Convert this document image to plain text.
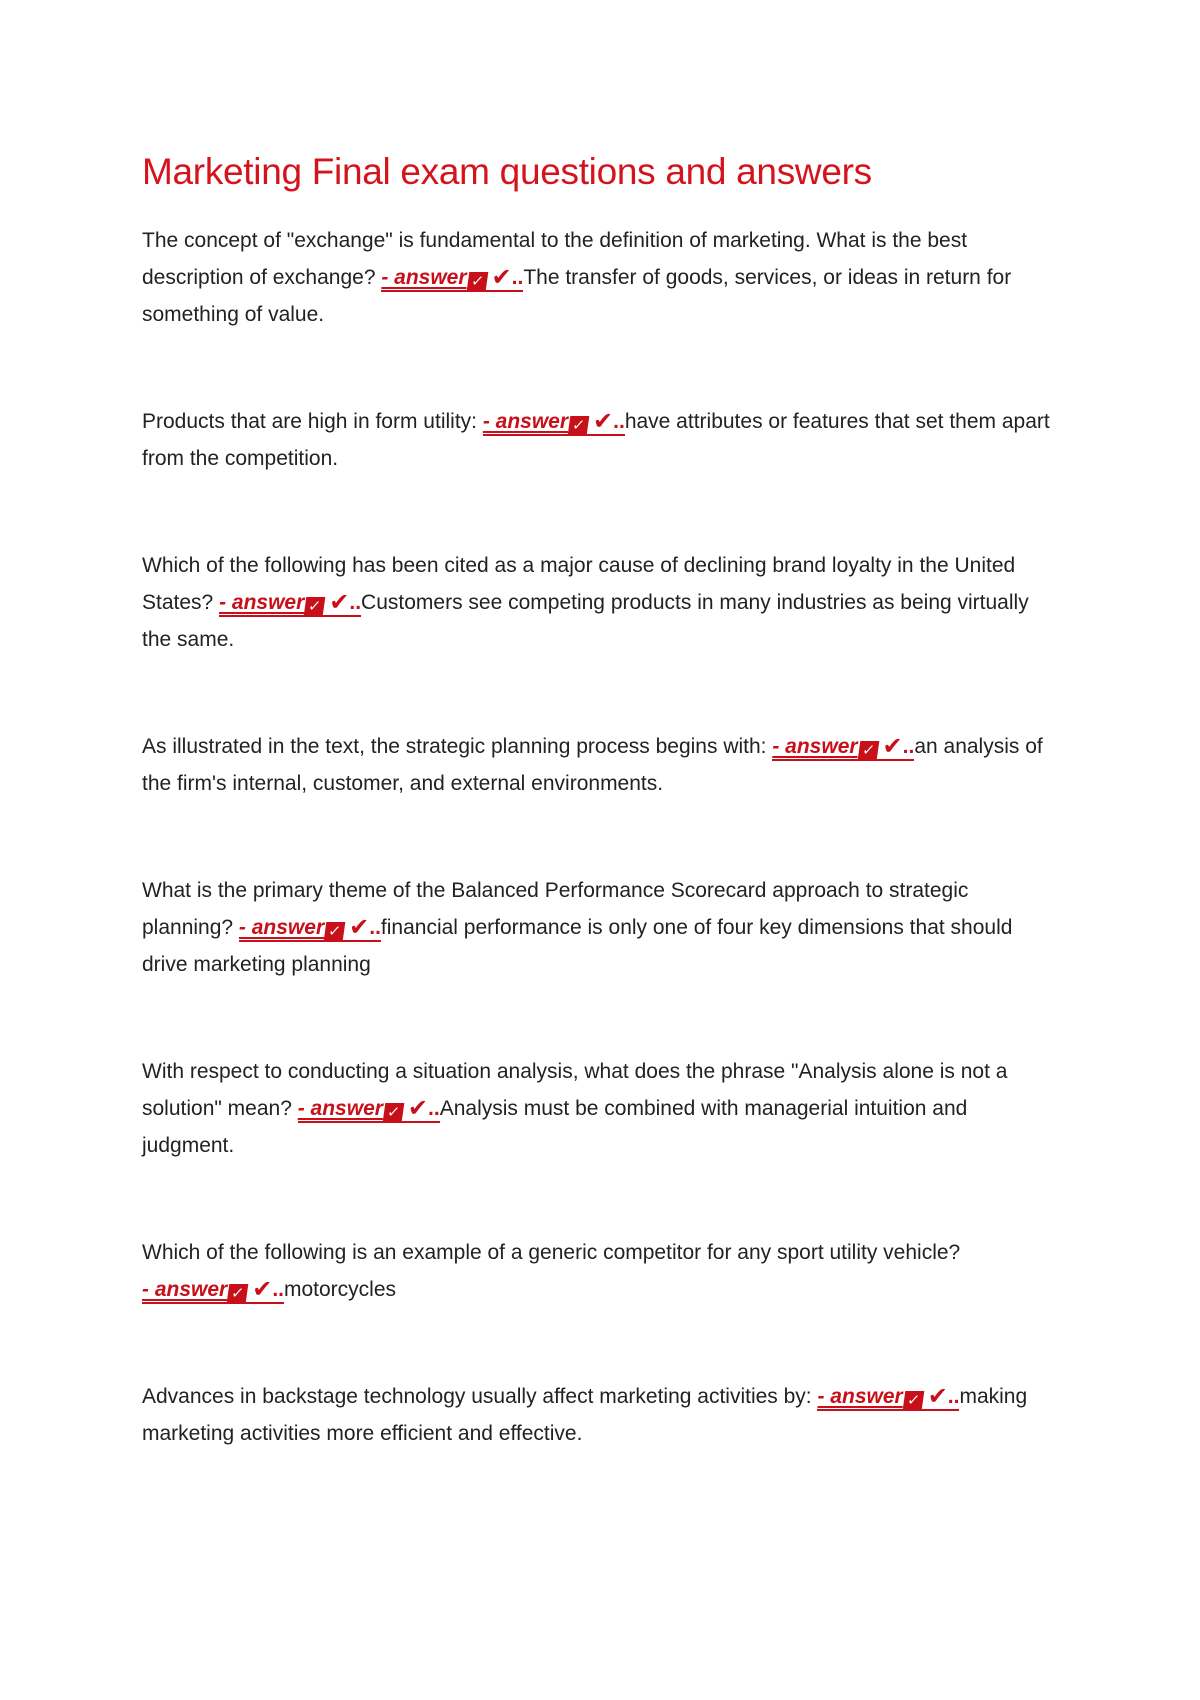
Marketing Final exam questions and answers
The concept of "exchange" is fundamental to the definition of marketing. What is the best description of exchange? - answer ✓ ✔..The transfer of goods, services, or ideas in return for something of value.
Products that are high in form utility: - answer ✓ ✔..have attributes or features that set them apart from the competition.
Which of the following has been cited as a major cause of declining brand loyalty in the United States? - answer ✓ ✔..Customers see competing products in many industries as being virtually the same.
As illustrated in the text, the strategic planning process begins with: - answer ✓ ✔..an analysis of the firm's internal, customer, and external environments.
What is the primary theme of the Balanced Performance Scorecard approach to strategic planning? - answer ✓ ✔..financial performance is only one of four key dimensions that should drive marketing planning
With respect to conducting a situation analysis, what does the phrase "Analysis alone is not a solution" mean? - answer ✓ ✔..Analysis must be combined with managerial intuition and judgment.
Which of the following is an example of a generic competitor for any sport utility vehicle? - answer ✓ ✔..motorcycles
Advances in backstage technology usually affect marketing activities by: - answer ✓ ✔..making marketing activities more efficient and effective.
